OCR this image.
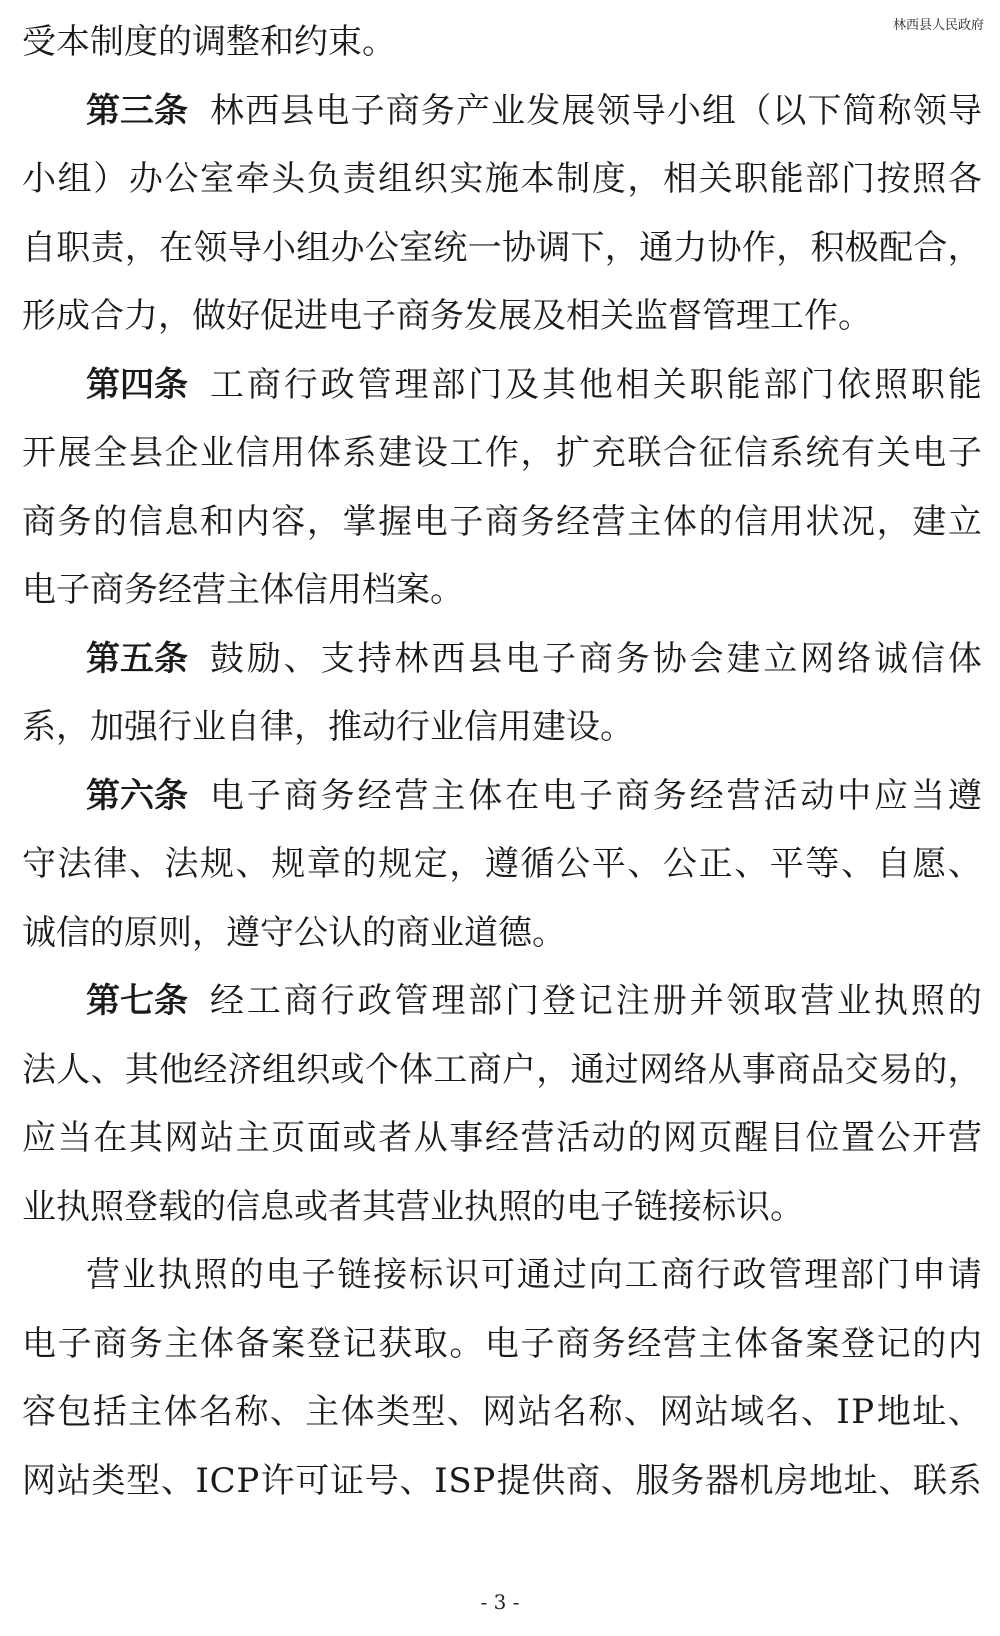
林西县人民政府
受本制度的调整和约束。
第三条 林 西 县 电 子 商 务 产 业 发 展 领 导 小 组 （ 以 下 简 称 领 导
小 组 ） 办 公 室 牵 头 负 责 组 织 实 施 本 制 度 ， 相 关 职 能 部 门 按 照 各
自 职 责 ， 在 领 导 小 组 办 公 室 统 一 协 调 下 ， 通 力 协 作 ， 积 极 配 合 ，
形成合力，做好促进电子商务发展及相关监督管理工作。
第四条 工 商 行 政 管 理 部 门 及 其 他 相 关 职 能 部 门 依 照 职 能
开 展 全 县 企 业 信 用 体 系 建 设 工 作 ， 扩 充 联 合 征 信 系 统 有 关 电 子
商 务 的 信 息 和 内 容 ， 掌 握 电 子 商 务 经 营 主 体 的 信 用 状 况 ， 建 立
电子商务经营主体信用档案。
第五条 鼓 励 、 支 持 林 西 县 电 子 商 务 协 会 建 立 网 络 诚 信 体
系，加强行业自律，推动行业信用建设。
第六条 电 子 商 务 经 营 主 体 在 电 子 商 务 经 营 活 动 中 应 当 遵
守 法 律 、 法 规 、 规 章 的 规 定 ， 遵 循 公 平 、 公 正 、 平 等 、 自 愿 、
诚信的原则，遵守公认的商业道德。
第七条 经 工 商 行 政 管 理 部 门 登 记 注 册 并 领 取 营 业 执 照 的
法 人 、 其 他 经 济 组 织 或 个 体 工 商 户 ， 通 过 网 络 从 事 商 品 交 易 的 ，
应 当 在 其 网 站 主 页 面 或 者 从 事 经 营 活 动 的 网 页 醒 目 位 置 公 开 营
业执照登载的信息或者其营业执照的电子链接标识。
营 业 执 照 的 电 子 链 接 标 识 可 通 过 向 工 商 行 政 管 理 部 门 申 请
电 子 商 务 主 体 备 案 登 记 获 取 。 电 子 商 务 经 营 主 体 备 案 登 记 的 内
容 包 括 主 体 名 称 、 主 体 类 型 、 网 站 名 称 、 网 站 域 名 、 I P 地 址 、
网 站 类 型 、 I C P 许 可 证 号 、 I S P 提 供 商 、 服 务 器 机 房 地 址 、 联 系
- 3 -
